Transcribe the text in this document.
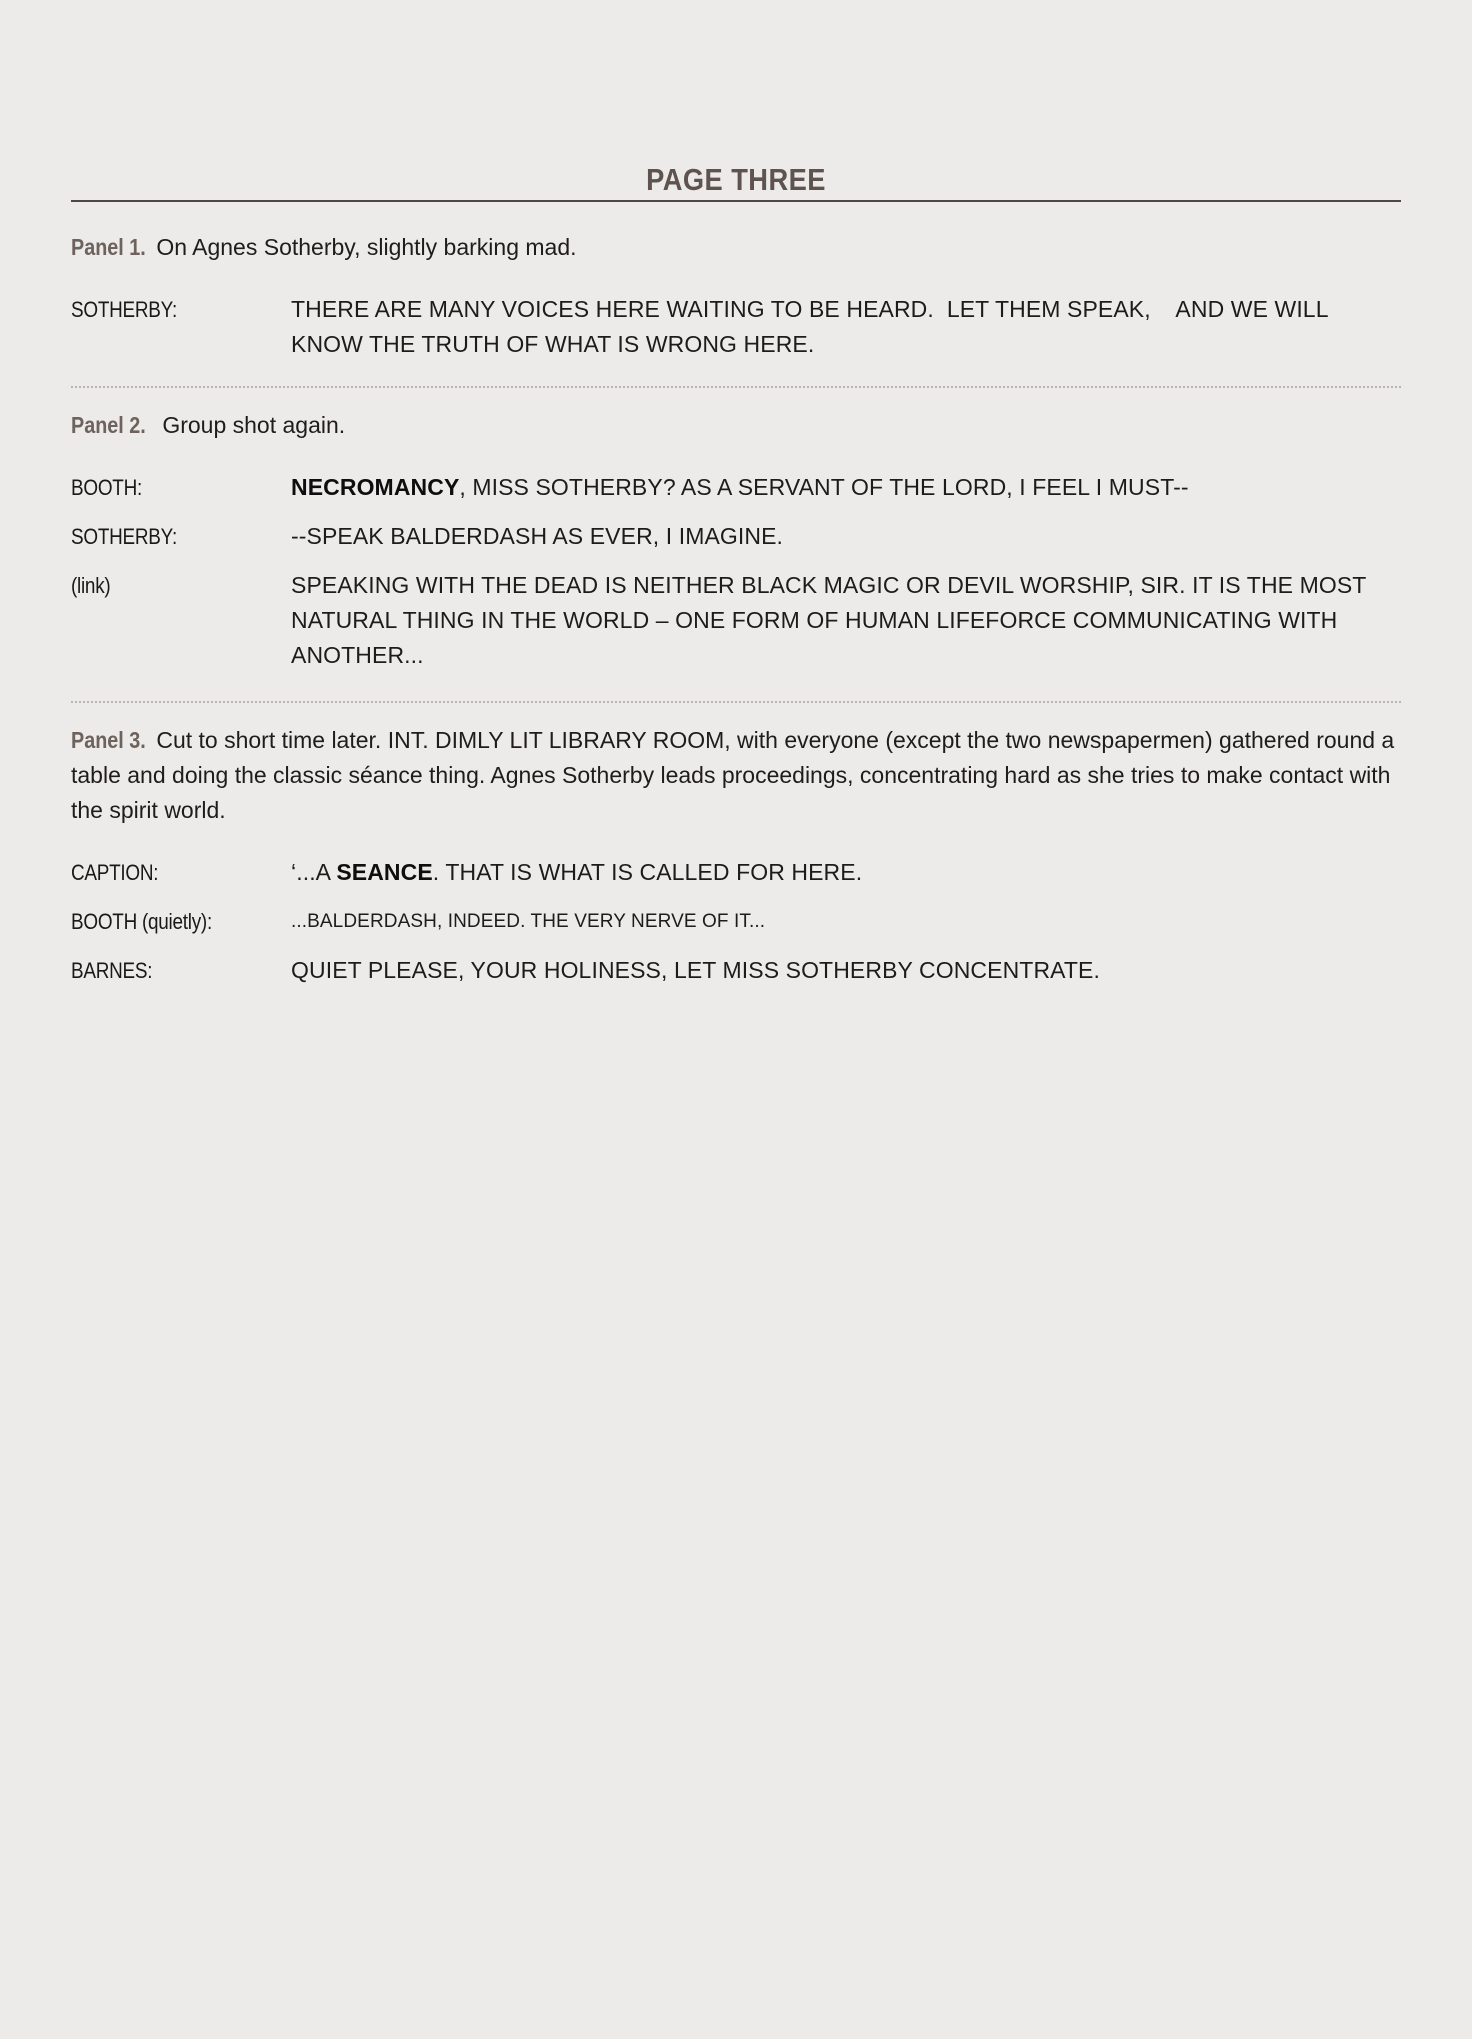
PAGE THREE
Panel 1. On Agnes Sotherby, slightly barking mad.
SOTHERBY:	THERE ARE MANY VOICES HERE WAITING TO BE HEARD.  LET THEM SPEAK,    AND WE WILL KNOW THE TRUTH OF WHAT IS WRONG HERE.
Panel 2. Group shot again.
BOOTH:	NECROMANCY, MISS SOTHERBY? AS A SERVANT OF THE LORD, I FEEL I MUST--
SOTHERBY:	--SPEAK BALDERDASH AS EVER, I IMAGINE.
(link)	SPEAKING WITH THE DEAD IS NEITHER BLACK MAGIC OR DEVIL WORSHIP, SIR. IT IS THE MOST NATURAL THING IN THE WORLD – ONE FORM OF HUMAN LIFEFORCE COMMUNICATING WITH ANOTHER...
Panel 3. Cut to short time later. INT. DIMLY LIT LIBRARY ROOM, with everyone (except the two newspapermen) gathered round a table and doing the classic séance thing. Agnes Sotherby leads proceedings, concentrating hard as she tries to make contact with the spirit world.
CAPTION:	‘...A SEANCE. THAT IS WHAT IS CALLED FOR HERE.
BOOTH (quietly):	...BALDERDASH, INDEED. THE VERY NERVE OF IT...
BARNES:	QUIET PLEASE, YOUR HOLINESS, LET MISS SOTHERBY CONCENTRATE.
